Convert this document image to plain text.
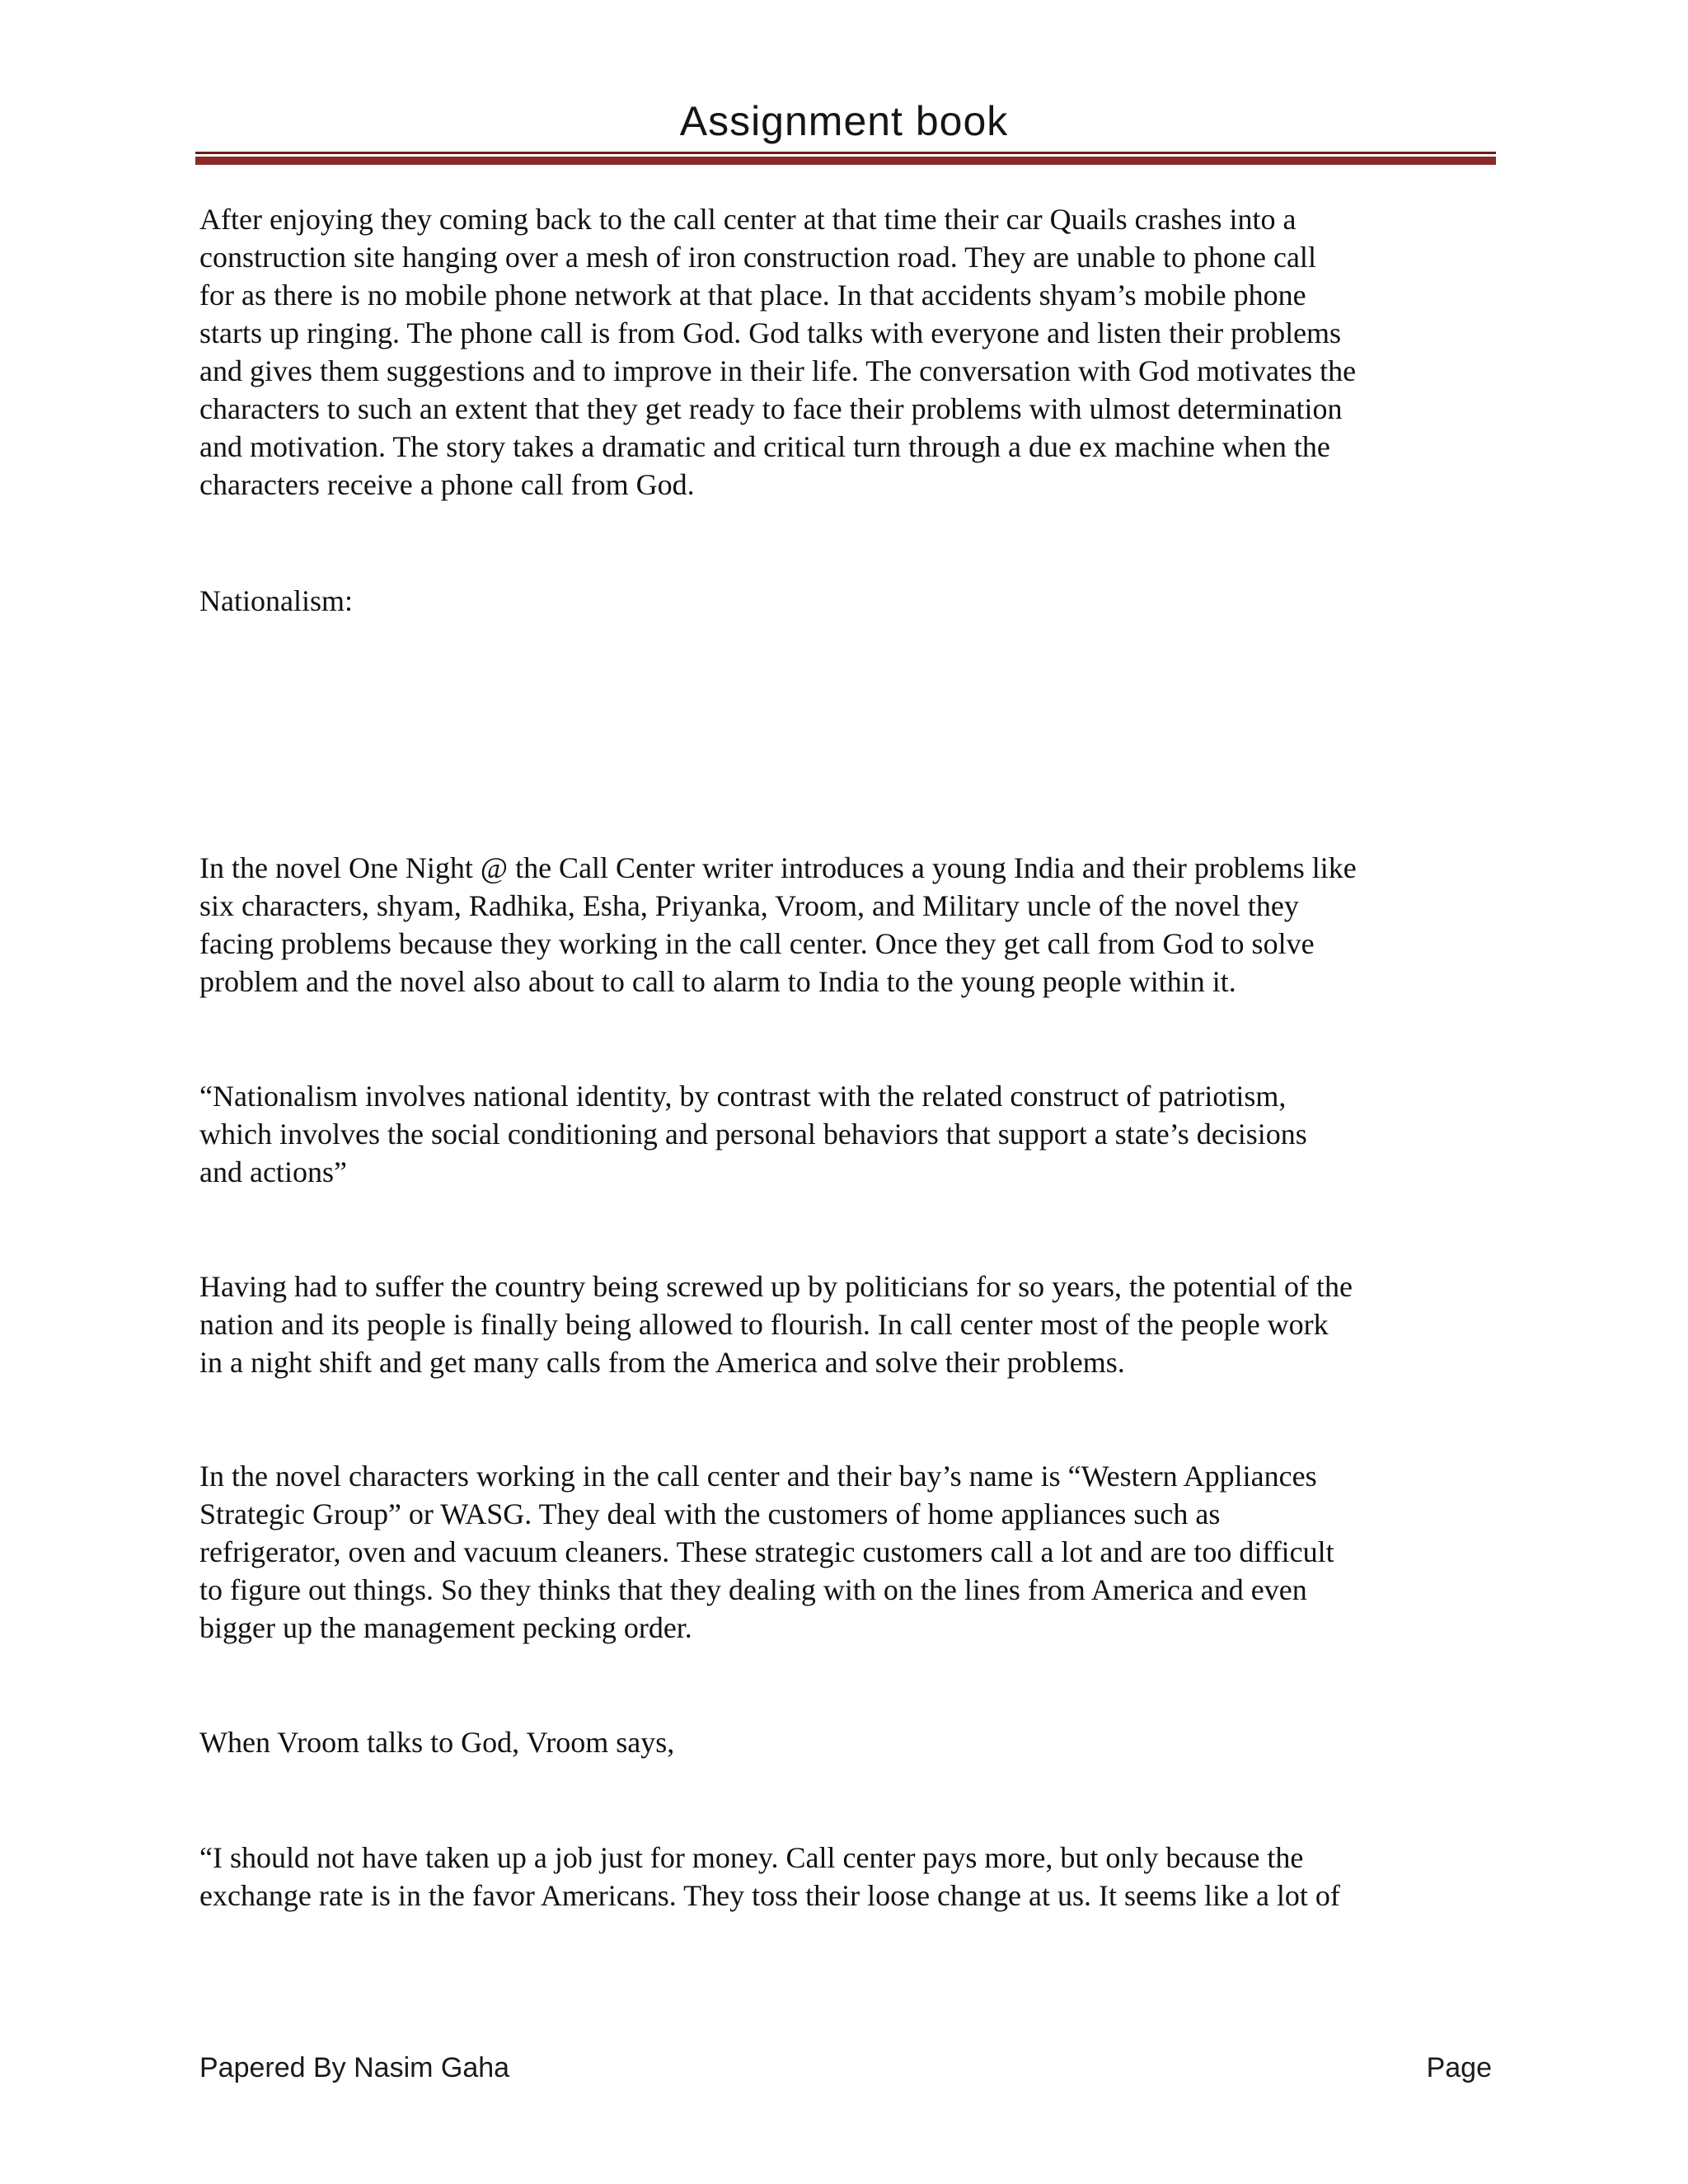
Assignment book
After enjoying they coming back to the call center at that time their car Quails crashes into a
construction site hanging over a mesh of iron construction road. They are unable to phone call
for as there is no mobile phone network at that place. In that accidents shyam’s mobile phone
starts up ringing. The phone call is from God. God talks with everyone and listen their problems
and gives them suggestions and to improve in their life. The conversation with God motivates the
characters to such an extent that they get ready to face their problems with ulmost determination
and motivation. The story takes a dramatic and critical turn through a due ex machine when the
characters receive a phone call from God.
Nationalism:
In the novel One Night @ the Call Center writer introduces a young India and their problems like
six characters, shyam, Radhika, Esha, Priyanka, Vroom, and Military uncle of the novel they
facing problems because they working in the call center. Once they get call from God to solve
problem and the novel also about to call to alarm to India to the young people within it.
“Nationalism involves national identity, by contrast with the related construct of patriotism,
which involves the social conditioning and personal behaviors that support a state’s decisions
and actions”
Having had to suffer the country being screwed up by politicians for so years, the potential of the
nation and its people is finally being allowed to flourish. In call center most of the people work
in a night shift and get many calls from the America and solve their problems.
In the novel characters working in the call center and their bay’s name is “Western Appliances
Strategic Group” or WASG. They deal with the customers of home appliances such as
refrigerator, oven and vacuum cleaners. These strategic customers call a lot and are too difficult
to figure out things. So they thinks that they dealing with on the lines from America and even
bigger up the management pecking order.
When Vroom talks to God, Vroom says,
“I should not have taken up a job just for money. Call center pays more, but only because the
exchange rate is in the favor Americans. They toss their loose change at us. It seems like a lot of
Papered By Nasim Gaha	Page
